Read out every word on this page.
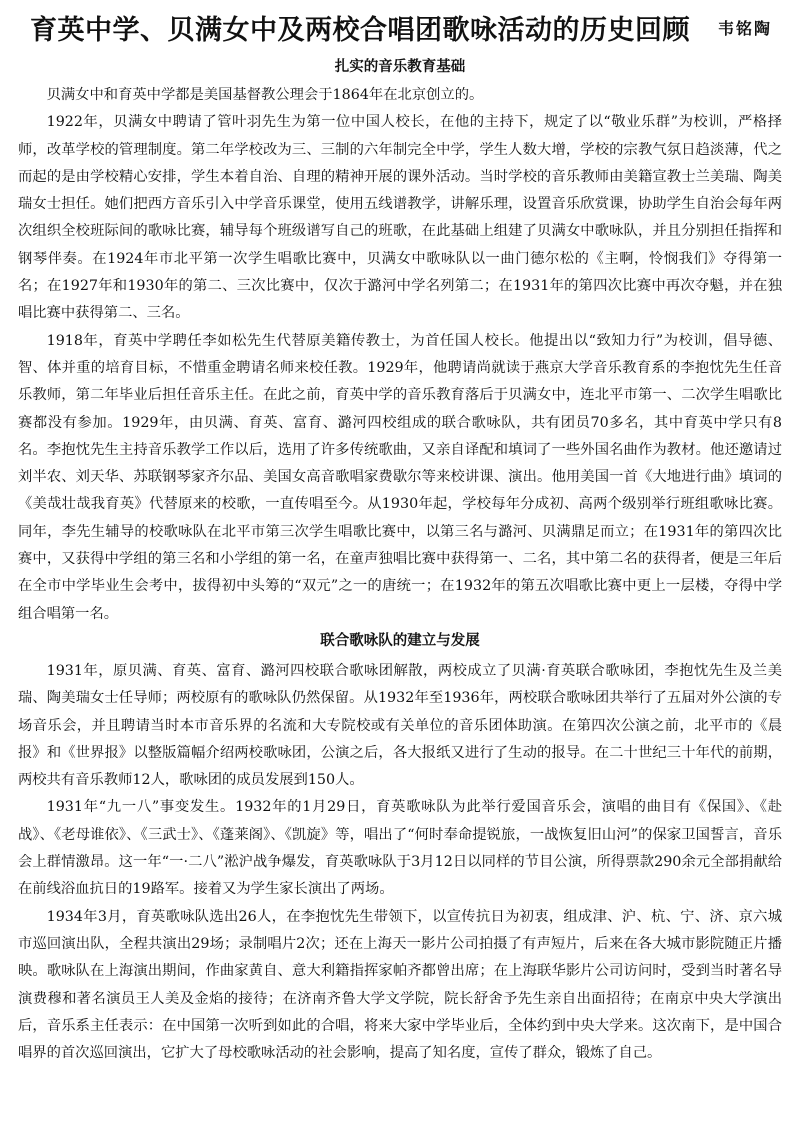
育英中学、贝满女中及两校合唱团歌咏活动的历史回顾 韦铭陶
扎实的音乐教育基础

贝满女中和育英中学都是美国基督教公理会于1864年在北京创立的。

1922年，贝满女中聘请了管叶羽先生为第一位中国人校长，在他的主持下，规定了以“敬业乐群”为校训，严格择师，改革学校的管理制度。第二年学校改为三、三制的六年制完全中学，学生人数大增，学校的宗教气氛日趋淡薄，代之而起的是由学校精心安排，学生本着自治、自理的精神开展的课外活动。当时学校的音乐教师由美籍宣教士兰美瑞、陶美瑞女士担任。她们把西方音乐引入中学音乐课堂，使用五线谱教学，讲解乐理，设置音乐欣赏课，协助学生自治会每年两次组织全校班际间的歌咏比赛，辅导每个班级谱写自己的班歌，在此基础上组建了贝满女中歌咏队，并且分别担任指挥和钢琴伴奏。在1924年市北平第一次学生唱歌比赛中，贝满女中歌咏队以一曲门德尔松的《主啊，怜悯我们》夺得第一名；在1927年和1930年的第二、三次比赛中，仅次于潞河中学名列第二；在1931年的第四次比赛中再次夺魁，并在独唱比赛中获得第二、三名。

1918年，育英中学聘任李如松先生代替原美籍传教士，为首任国人校长。他提出以“致知力行”为校训，倡导德、智、体并重的培育目标，不惜重金聘请名师来校任教。1929年，他聘请尚就读于燕京大学音乐教育系的李抱忱先生任音乐教师，第二年毕业后担任音乐主任。在此之前，育英中学的音乐教育落后于贝满女中，连北平市第一、二次学生唱歌比赛都没有参加。1929年，由贝满、育英、富育、潞河四校组成的联合歌咏队，共有团员70多名，其中育英中学只有8名。李抱忱先生主持音乐教学工作以后，选用了许多传统歌曲，又亲自译配和填词了一些外国名曲作为教材。他还邀请过刘半农、刘天华、苏联钢琴家齐尔品、美国女高音歌唱家费歇尔等来校讲课、演出。他用美国一首《大地进行曲》填词的《美哉壮哉我育英》代替原来的校歌，一直传唱至今。从1930年起，学校每年分成初、高两个级别举行班组歌咏比赛。同年，李先生辅导的校歌咏队在北平市第三次学生唱歌比赛中，以第三名与潞河、贝满鼎足而立；在1931年的第四次比赛中，又获得中学组的第三名和小学组的第一名，在童声独唱比赛中获得第一、二名，其中第二名的获得者，便是三年后在全市中学毕业生会考中，拔得初中头筹的“双元”之一的唐统一；在1932年的第五次唱歌比赛中更上一层楼，夺得中学组合唱第一名。

联合歌咏队的建立与发展

1931年，原贝满、育英、富育、潞河四校联合歌咏团解散，两校成立了贝满·育英联合歌咏团，李抱忱先生及兰美瑞、陶美瑞女士任导师；两校原有的歌咏队仍然保留。从1932年至1936年，两校联合歌咏团共举行了五届对外公演的专场音乐会，并且聘请当时本市音乐界的名流和大专院校或有关单位的音乐团体助演。在第四次公演之前，北平市的《晨报》和《世界报》以整版篇幅介绍两校歌咏团，公演之后，各大报纸又进行了生动的报导。在二十世纪三十年代的前期，两校共有音乐教师12人，歌咏团的成员发展到150人。

1931年“九一八”事变发生。1932年的1月29日，育英歌咏队为此举行爱国音乐会，演唱的曲目有《保国》、《赴战》、《老母谁依》、《三武士》、《蓬莱阁》、《凯旋》等，唱出了“何时奉命提锐旅，一战恢复旧山河”的保家卫国誓言，音乐会上群情激昂。这一年“一·二八”淞沪战争爆发，育英歌咏队于3月12日以同样的节目公演，所得票款290余元全部捐献给在前线浴血抗日的19路军。接着又为学生家长演出了两场。

1934年3月，育英歌咏队选出26人，在李抱忱先生带领下，以宣传抗日为初衷，组成津、沪、杭、宁、济、京六城市巡回演出队，全程共演出29场；录制唱片2次；还在上海天一影片公司拍摄了有声短片，后来在各大城市影院随正片播映。歌咏队在上海演出期间，作曲家黄自、意大利籍指挥家帕齐都曾出席；在上海联华影片公司访问时，受到当时著名导演费穆和著名演员王人美及金焰的接待；在济南齐鲁大学文学院，院长舒舍予先生亲自出面招待；在南京中央大学演出后，音乐系主任表示：在中国第一次听到如此的合唱，将来大家中学毕业后，全体约到中央大学来。这次南下，是中国合唱界的首次巡回演出，它扩大了母校歌咏活动的社会影响，提高了知名度，宣传了群众，锻炼了自己。
